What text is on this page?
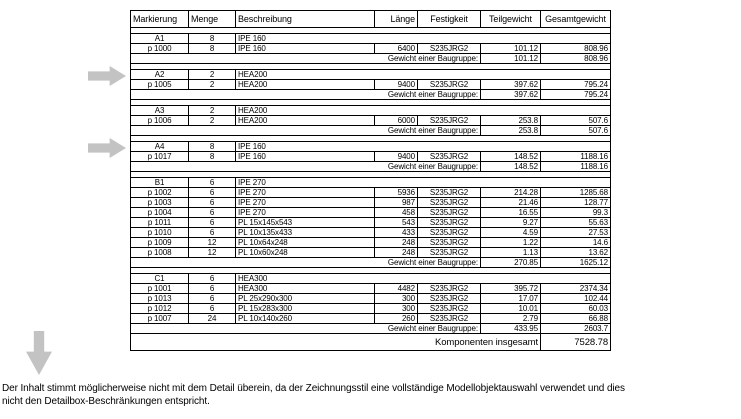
Markierung	Menge	Beschreibung	Länge	Festigkeit	Teilgewicht	Gesamtgewicht

A1	8	IPE 160				
p 1000	8	IPE 160	6400	S235JRG2	101.12	808.96
Gewicht einer Baugruppe:					101.12	808.96

A2	2	HEA200				
p 1005	2	HEA200	9400	S235JRG2	397.62	795.24
Gewicht einer Baugruppe:					397.62	795.24

A3	2	HEA200				
p 1006	2	HEA200	6000	S235JRG2	253.8	507.6
Gewicht einer Baugruppe:					253.8	507.6

A4	8	IPE 160				
p 1017	8	IPE 160	9400	S235JRG2	148.52	1188.16
Gewicht einer Baugruppe:					148.52	1188.16

B1	6	IPE 270				
p 1002	6	IPE 270	5936	S235JRG2	214.28	1285.68
p 1003	6	IPE 270	987	S235JRG2	21.46	128.77
p 1004	6	IPE 270	458	S235JRG2	16.55	99.3
p 1011	6	PL 15x145x543	543	S235JRG2	9.27	55.63
p 1010	6	PL 10x135x433	433	S235JRG2	4.59	27.53
p 1009	12	PL 10x64x248	248	S235JRG2	1.22	14.6
p 1008	12	PL 10x60x248	248	S235JRG2	1.13	13.62
Gewicht einer Baugruppe:					270.85	1625.12

C1	6	HEA300				
p 1001	6	HEA300	4482	S235JRG2	395.72	2374.34
p 1013	6	PL 25x290x300	300	S235JRG2	17.07	102.44
p 1012	6	PL 15x283x300	300	S235JRG2	10.01	60.03
p 1007	24	PL 10x140x260	260	S235JRG2	2.79	66.88
Gewicht einer Baugruppe:					433.95	2603.7
Komponenten insgesamt						7528.78
Der Inhalt stimmt möglicherweise nicht mit dem Detail überein, da der Zeichnungsstil eine vollständige Modellobjektauswahl verwendet und dies
nicht den Detailbox-Beschränkungen entspricht.
